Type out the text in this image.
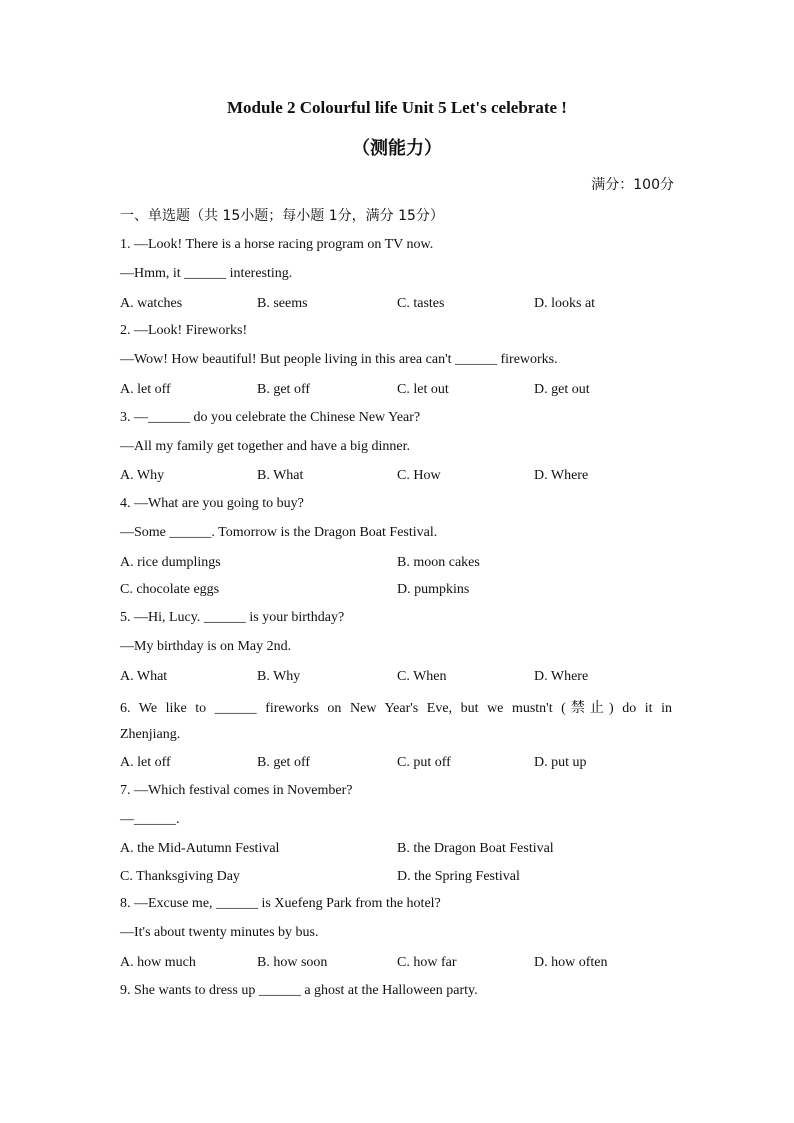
Module 2 Colourful life Unit 5 Let's celebrate !
（测能力）
满分：100分
一、单选题（共 15小题；每小题 1分，满分 15分）
1. —Look! There is a horse racing program on TV now.
—Hmm, it ______ interesting.
A. watches	B. seems	C. tastes	D. looks at
2. —Look! Fireworks!
—Wow! How beautiful! But people living in this area can't ______ fireworks.
A. let off	B. get off	C. let out	D. get out
3. —______ do you celebrate the Chinese New Year?
—All my family get together and have a big dinner.
A. Why	B. What	C. How	D. Where
4. —What are you going to buy?
—Some ______. Tomorrow is the Dragon Boat Festival.
A. rice dumplings	B. moon cakes
C. chocolate eggs	D. pumpkins
5. —Hi, Lucy. ______ is your birthday?
—My birthday is on May 2nd.
A. What	B. Why	C. When	D. Where
6. We like to ______ fireworks on New Year's Eve, but we mustn't (禁止) do it in
Zhenjiang.
A. let off	B. get off	C. put off	D. put up
7. —Which festival comes in November?
—______.
A. the Mid-Autumn Festival	B. the Dragon Boat Festival
C. Thanksgiving Day	D. the Spring Festival
8. —Excuse me, ______ is Xuefeng Park from the hotel?
—It's about twenty minutes by bus.
A. how much	B. how soon	C. how far	D. how often
9. She wants to dress up ______ a ghost at the Halloween party.
